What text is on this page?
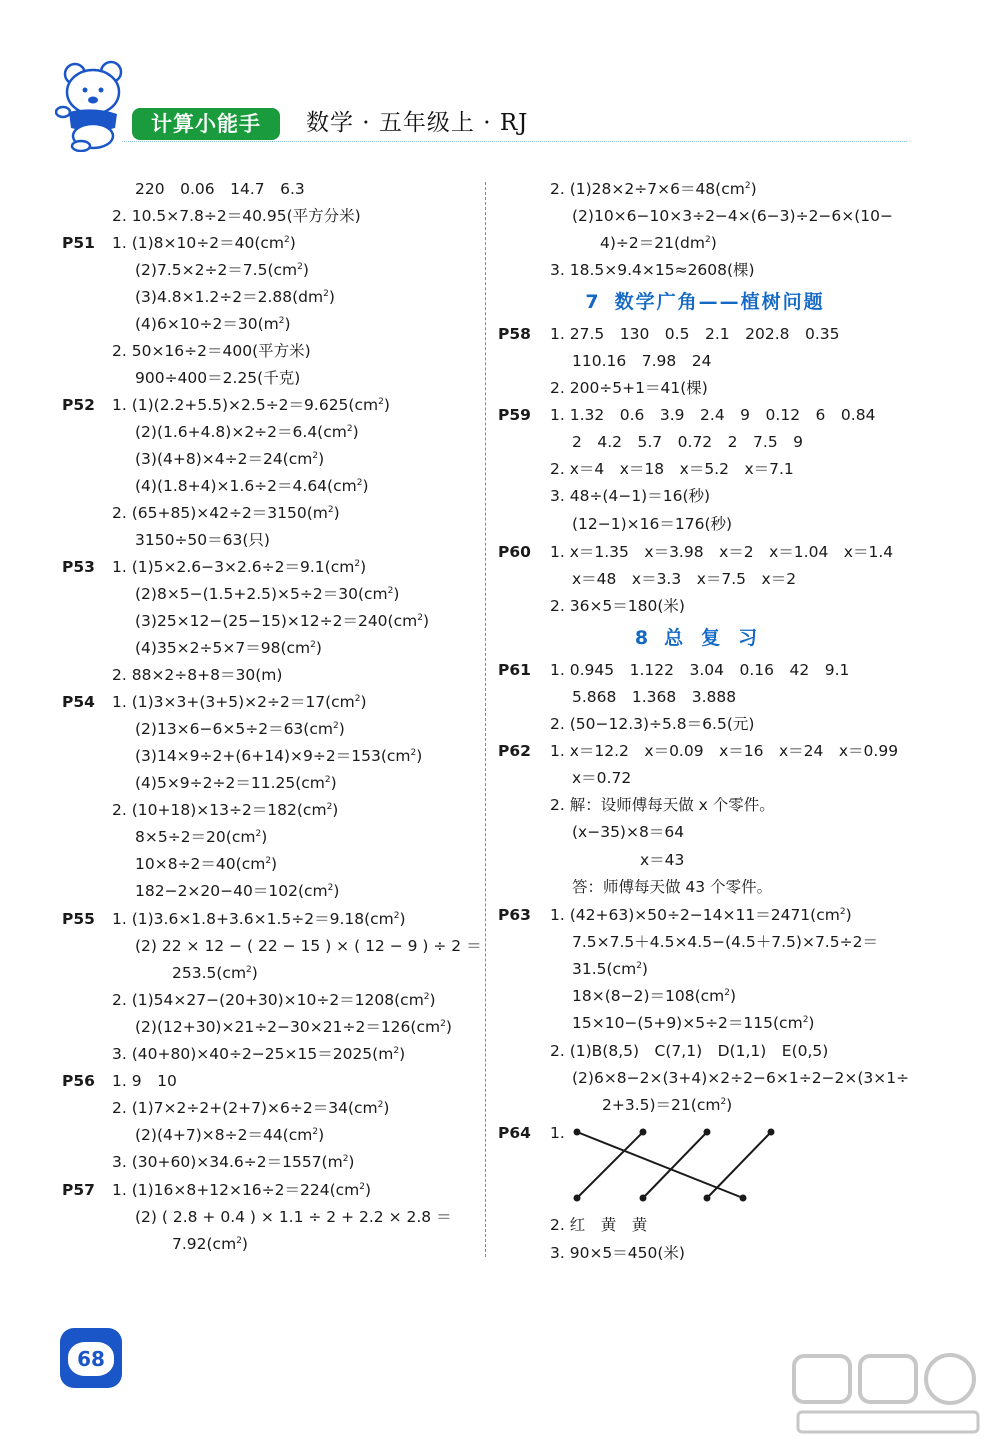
计算小能手	数学 · 五年级上 · RJ
220　0.06　14.7　6.3
2. 10.5×7.8÷2＝40.95(平方分米)
P51 1. $(1)8\times 10\div 2=40(cm^2)$
$(2)7.5\times 2\div 2=7.5(cm^2)$
$(3)4.8\times 1.2\div 2=2.88(dm^2)$
$(4)6\times 10\div 2=30(m^2)$
2. 50×16÷2＝400(平方米)
900÷400＝2.25(千克)
P52 1. $(1)(2.2+5.5)\times 2.5\div 2=9.625(cm^2)$
$(2)(1.6+4.8)\times 2\div 2=6.4(cm^2)$
$(3)(4+8)\times 4\div 2=24(cm^2)$
$(4)(1.8+4)\times 1.6\div 2=4.64(cm^2)$
2. $(65+85)\times 42\div 2=3150(m^2)$
3150÷50＝63(只)
P53 1. $(1)5\times 2.6-3\times 2.6\div 2=9.1(cm^2)$
$(2)8\times 5-(1.5+2.5)\times 5\div 2=30(cm^2)$
$(3)25\times 12-(25-15)\times 12\div 2=240(cm^2)$
$(4)35\times 2\div 5\times 7=98(cm^2)$
2. 88×2÷8+8＝30(m)
P54 1. $(1)3\times 3+(3+5)\times 2\div 2=17(cm^2)$
$(2)13\times 6-6\times 5\div 2=63(cm^2)$
$(3)14\times 9\div 2+(6+14)\times 9\div 2=153(cm^2)$
$(4)5\times 9\div 2\div 2=11.25(cm^2)$
2. $(10+18)\times 13\div 2=182(cm^2)$
$8\times 5\div 2=20(cm^2)$
$10\times 8\div 2=40(cm^2)$
$182-2\times 20-40=102(cm^2)$
P55 1. $(1)3.6\times 1.8+3.6\times 1.5\div 2=9.18(cm^2)$
(2) 22 × 12 − ( 22 − 15 ) × ( 12 − 9 ) ÷ 2 ＝
$253.5(cm^2)$
2. $(1)54\times 27-(20+30)\times 10\div 2=1208(cm^2)$
$(2)(12+30)\times 21\div 2-30\times 21\div 2=126(cm^2)$
3. $(40+80)\times 40\div 2-25\times 15=2025(m^2)$
P56 1. 9　10
2. $(1)7\times 2\div 2+(2+7)\times 6\div 2=34(cm^2)$
$(2)(4+7)\times 8\div 2=44(cm^2)$
3. $(30+60)\times 34.6\div 2=1557(m^2)$
P57 1. $(1)16\times 8+12\times 16\div 2=224(cm^2)$
(2) ( 2.8 + 0.4 ) × 1.1 ÷ 2 + 2.2 × 2.8 ＝
$7.92(cm^2)$
2. $(1)28\times 2\div 7\times 6=48(cm^2)$
(2)10×6−10×3÷2−4×(6−3)÷2−6×(10−
$4)\div 2=21(dm^2)$
3. 18.5×9.4×15≈2608(棵)
7 数学广角——植树问题
P58 1. 27.5　130　0.5　2.1　202.8　0.35
110.16　7.98　24
2. 200÷5+1＝41(棵)
P59 1. 1.32　0.6　3.9　2.4　9　0.12　6　0.84
2　4.2　5.7　0.72　2　7.5　9
2. x＝4　x＝18　x＝5.2　x＝7.1
3. 48÷(4−1)＝16(秒)
(12−1)×16＝176(秒)
P60 1. x＝1.35　x＝3.98　x＝2　x＝1.04　x＝1.4
x＝48　x＝3.3　x＝7.5　x＝2
2. 36×5＝180(米)
8 总复习
P61 1. 0.945　1.122　3.04　0.16　42　9.1
5.868　1.368　3.888
2. (50−12.3)÷5.8＝6.5(元)
P62 1. x＝12.2　x＝0.09　x＝16　x＝24　x＝0.99
x＝0.72
2. 解：设师傅每天做 x 个零件。
(x−35)×8＝64
x＝43
答：师傅每天做 43 个零件。
P63 1. $(42+63)\times 50\div 2-14\times 11=2471(cm^2)$
7.5×7.5＋4.5×4.5−(4.5＋7.5)×7.5÷2＝
$31.5(cm^2)$
$18\times(8-2)=108(cm^2)$
$15\times 10-(5+9)\times 5\div 2=115(cm^2)$
2. (1)B(8,5)　C(7,1)　D(1,1)　E(0,5)
(2)6×8−2×(3+4)×2÷2−6×1÷2−2×(3×1÷
$2+3.5)=21(cm^2)$
P64 1.
2. 红　黄　黄
3. 90×5＝450(米)
68
